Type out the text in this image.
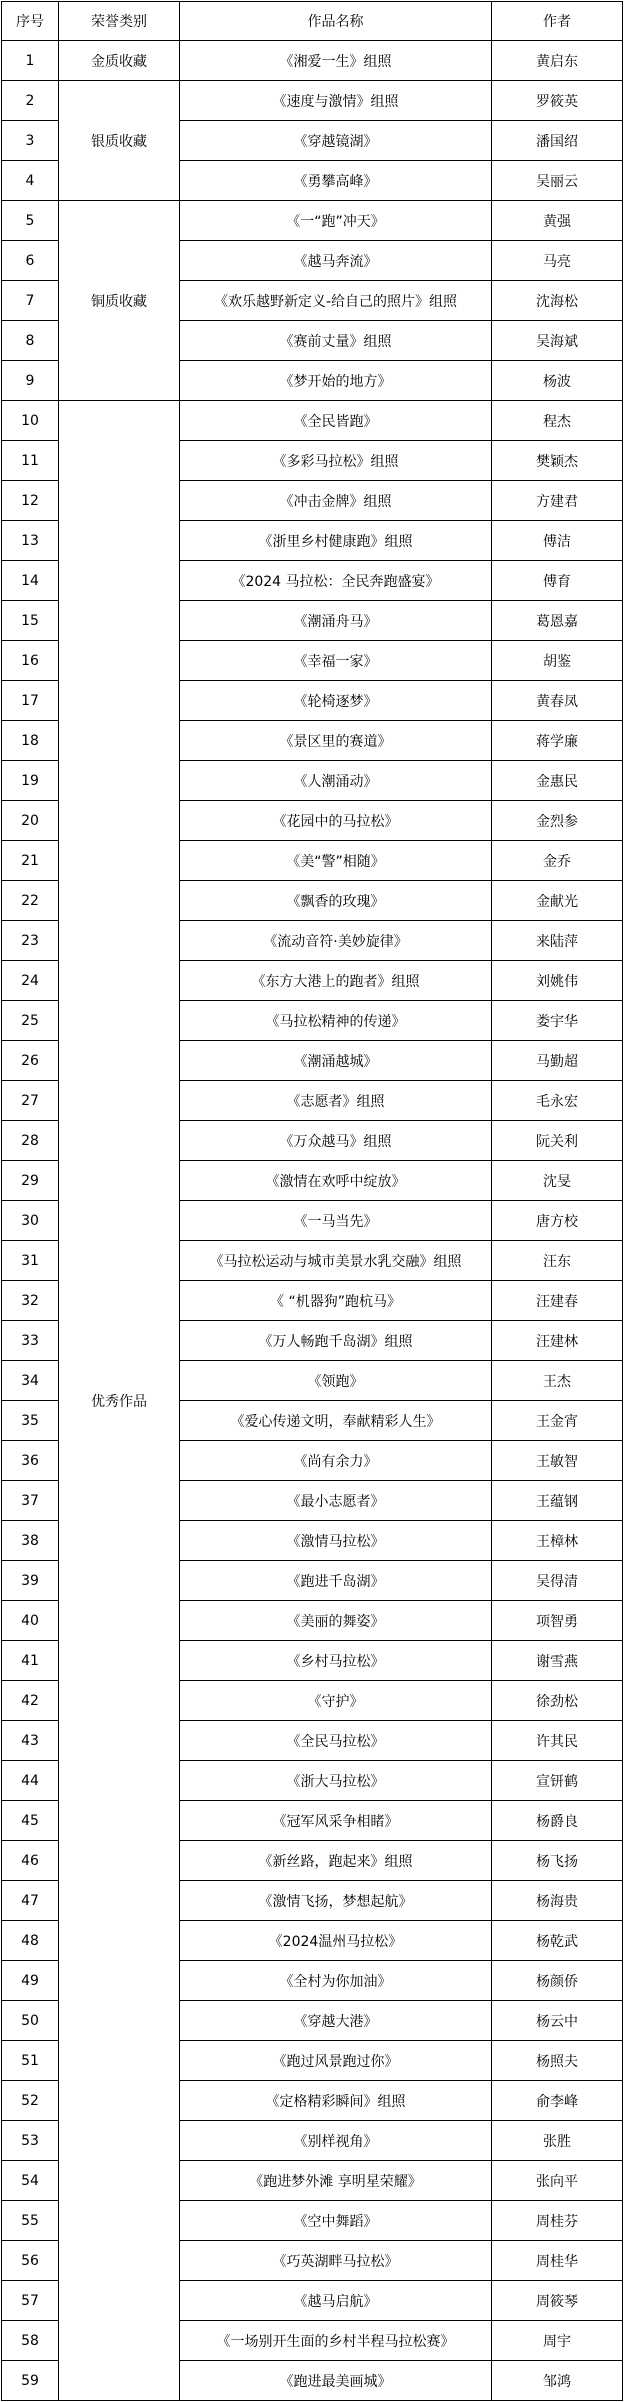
序号	荣誉类别	作品名称	作者
1	金质收藏	《湘爱一生》组照	黄启东
2	银质收藏	《速度与激情》组照	罗筱英
3		《穿越镜湖》	潘国绍
4		《勇攀高峰》	吴丽云
5	铜质收藏	《一“跑”冲天》	黄强
6		《越马奔流》	马亮
7		《欢乐越野新定义-给自己的照片》组照	沈海松
8		《赛前丈量》组照	吴海斌
9		《梦开始的地方》	杨波
10	优秀作品	《全民皆跑》	程杰
11		《多彩马拉松》组照	樊颖杰
12		《冲击金牌》组照	方建君
13		《浙里乡村健康跑》组照	傅洁
14		《2024 马拉松：全民奔跑盛宴》	傅育
15		《潮涌舟马》	葛恩嘉
16		《幸福一家》	胡鉴
17		《轮椅逐梦》	黄春凤
18		《景区里的赛道》	蒋学廉
19		《人潮涌动》	金惠民
20		《花园中的马拉松》	金烈参
21		《美“警”相随》	金乔
22		《飘香的玫瑰》	金献光
23		《流动音符·美妙旋律》	来陆萍
24		《东方大港上的跑者》组照	刘姚伟
25		《马拉松精神的传递》	娄宇华
26		《潮涌越城》	马勤超
27		《志愿者》组照	毛永宏
28		《万众越马》组照	阮关利
29		《激情在欢呼中绽放》	沈旻
30		《一马当先》	唐方校
31		《马拉松运动与城市美景水乳交融》组照	汪东
32		《 “机器狗”跑杭马》	汪建春
33		《万人畅跑千岛湖》组照	汪建林
34		《领跑》	王杰
35		《爱心传递文明，奉献精彩人生》	王金宵
36		《尚有余力》	王敏智
37		《最小志愿者》	王蕴钢
38		《激情马拉松》	王樟林
39		《跑进千岛湖》	吴得清
40		《美丽的舞姿》	项智勇
41		《乡村马拉松》	谢雪燕
42		《守护》	徐劲松
43		《全民马拉松》	许其民
44		《浙大马拉松》	宣钘鹤
45		《冠军风采争相睹》	杨爵良
46		《新丝路，跑起来》组照	杨飞扬
47		《激情飞扬，梦想起航》	杨海贵
48		《2024温州马拉松》	杨乾武
49		《全村为你加油》	杨颜侨
50		《穿越大港》	杨云中
51		《跑过风景跑过你》	杨照夫
52		《定格精彩瞬间》组照	俞李峰
53		《别样视角》	张胜
54		《跑进梦外滩 享明星荣耀》	张向平
55		《空中舞蹈》	周桂芬
56		《巧英湖畔马拉松》	周桂华
57		《越马启航》	周筱琴
58		《一场别开生面的乡村半程马拉松赛》	周宇
59		《跑进最美画城》	邹鸿
